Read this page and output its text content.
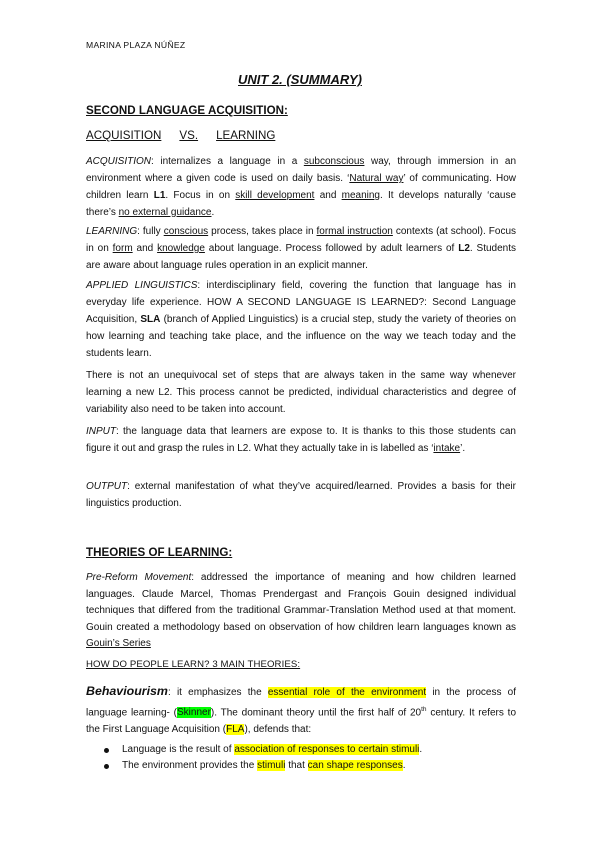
MARINA PLAZA NÚÑEZ
UNIT 2. (SUMMARY)
SECOND LANGUAGE ACQUISITION:
ACQUISITION VS. LEARNING
ACQUISITION: internalizes a language in a subconscious way, through immersion in an environment where a given code is used on daily basis. ‘Natural way’ of communicating. How children learn L1. Focus in on skill development and meaning. It develops naturally ‘cause there’s no external guidance.
LEARNING: fully conscious process, takes place in formal instruction contexts (at school). Focus in on form and knowledge about language. Process followed by adult learners of L2. Students are aware about language rules operation in an explicit manner.
APPLIED LINGUISTICS: interdisciplinary field, covering the function that language has in everyday life experience. HOW A SECOND LANGUAGE IS LEARNED?: Second Language Acquisition, SLA (branch of Applied Linguistics) is a crucial step, study the variety of theories on how learning and teaching take place, and the influence on the way we teach today and the students learn.
There is not an unequivocal set of steps that are always taken in the same way whenever learning a new L2. This process cannot be predicted, individual characteristics and degree of variability also need to be taken into account.
INPUT: the language data that learners are expose to. It is thanks to this those students can figure it out and grasp the rules in L2. What they actually take in is labelled as ‘intake’.
OUTPUT: external manifestation of what they’ve acquired/learned. Provides a basis for their linguistics production.
THEORIES OF LEARNING:
Pre-Reform Movement: addressed the importance of meaning and how children learned languages. Claude Marcel, Thomas Prendergast and François Gouin designed individual techniques that differed from the traditional Grammar-Translation Method used at that moment. Gouin created a methodology based on observation of how children learn languages known as Gouin’s Series
HOW DO PEOPLE LEARN? 3 MAIN THEORIES:
Behaviourism: it emphasizes the essential role of the environment in the process of language learning- (Skinner). The dominant theory until the first half of 20th century. It refers to the First Language Acquisition (FLA), defends that:
Language is the result of association of responses to certain stimuli.
The environment provides the stimuli that can shape responses.
